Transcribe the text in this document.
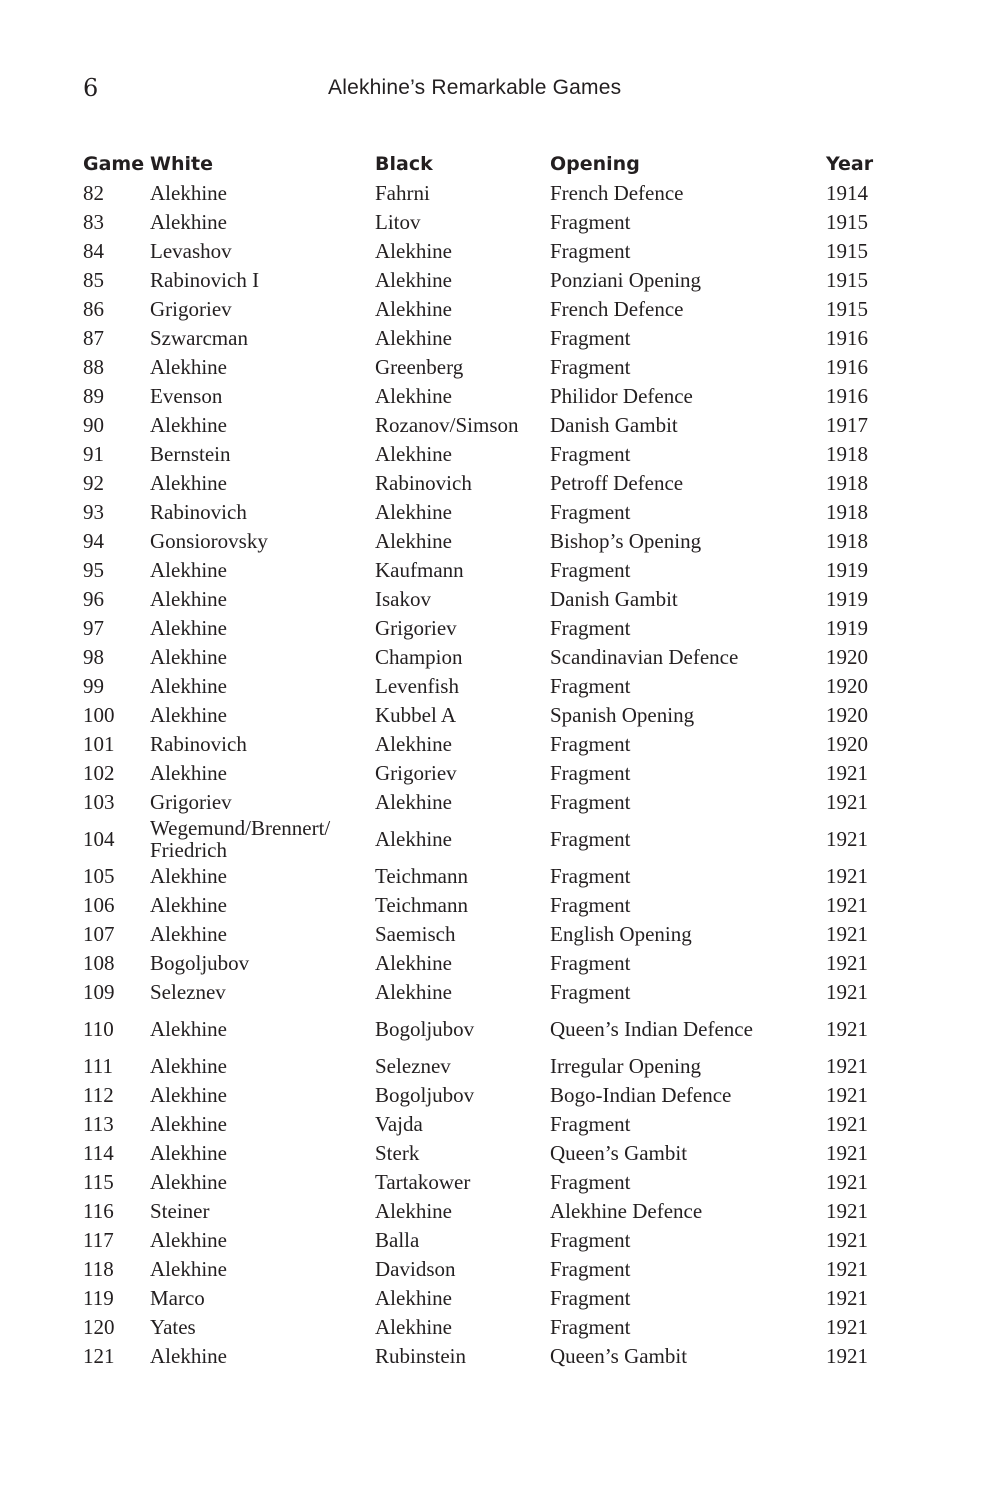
6	Alekhine’s Remarkable Games
Game	White	Black	Opening	Year
82	Alekhine	Fahrni	French Defence	1914
83	Alekhine	Litov	Fragment	1915
84	Levashov	Alekhine	Fragment	1915
85	Rabinovich I	Alekhine	Ponziani Opening	1915
86	Grigoriev	Alekhine	French Defence	1915
87	Szwarcman	Alekhine	Fragment	1916
88	Alekhine	Greenberg	Fragment	1916
89	Evenson	Alekhine	Philidor Defence	1916
90	Alekhine	Rozanov/Simson	Danish Gambit	1917
91	Bernstein	Alekhine	Fragment	1918
92	Alekhine	Rabinovich	Petroff Defence	1918
93	Rabinovich	Alekhine	Fragment	1918
94	Gonsiorovsky	Alekhine	Bishop’s Opening	1918
95	Alekhine	Kaufmann	Fragment	1919
96	Alekhine	Isakov	Danish Gambit	1919
97	Alekhine	Grigoriev	Fragment	1919
98	Alekhine	Champion	Scandinavian Defence	1920
99	Alekhine	Levenfish	Fragment	1920
100	Alekhine	Kubbel A	Spanish Opening	1920
101	Rabinovich	Alekhine	Fragment	1920
102	Alekhine	Grigoriev	Fragment	1921
103	Grigoriev	Alekhine	Fragment	1921
104	Wegemund/Brennert/ Friedrich	Alekhine	Fragment	1921
105	Alekhine	Teichmann	Fragment	1921
106	Alekhine	Teichmann	Fragment	1921
107	Alekhine	Saemisch	English Opening	1921
108	Bogoljubov	Alekhine	Fragment	1921
109	Seleznev	Alekhine	Fragment	1921
110	Alekhine	Bogoljubov	Queen’s Indian Defence	1921
111	Alekhine	Seleznev	Irregular Opening	1921
112	Alekhine	Bogoljubov	Bogo-Indian Defence	1921
113	Alekhine	Vajda	Fragment	1921
114	Alekhine	Sterk	Queen’s Gambit	1921
115	Alekhine	Tartakower	Fragment	1921
116	Steiner	Alekhine	Alekhine Defence	1921
117	Alekhine	Balla	Fragment	1921
118	Alekhine	Davidson	Fragment	1921
119	Marco	Alekhine	Fragment	1921
120	Yates	Alekhine	Fragment	1921
121	Alekhine	Rubinstein	Queen’s Gambit	1921
